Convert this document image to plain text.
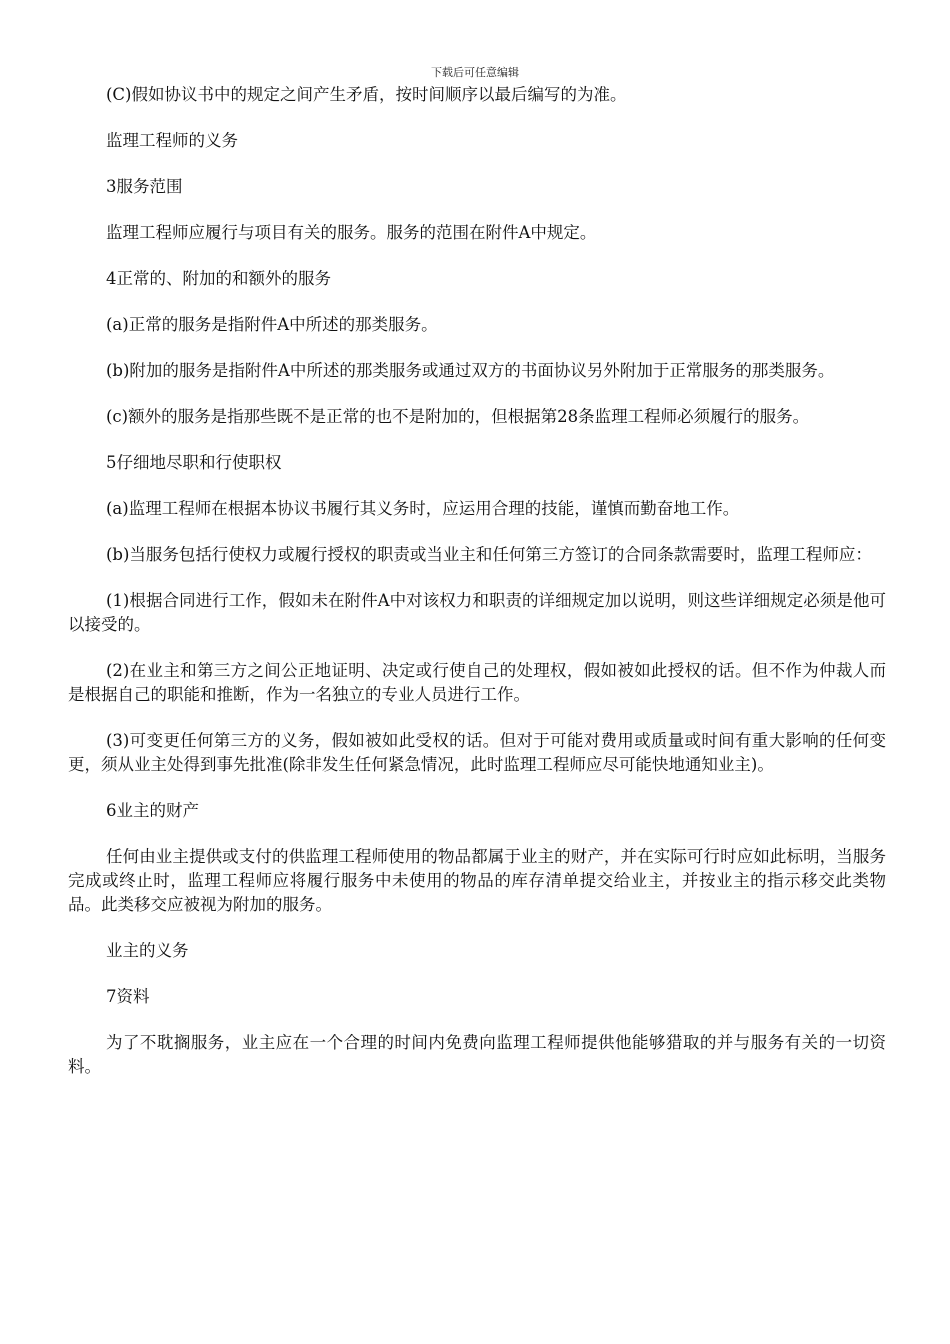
下载后可任意编辑

(C)假如协议书中的规定之间产生矛盾，按时间顺序以最后编写的为准。

监理工程师的义务

3服务范围

监理工程师应履行与项目有关的服务。服务的范围在附件A中规定。

4正常的、附加的和额外的服务

(a)正常的服务是指附件A中所述的那类服务。

(b)附加的服务是指附件A中所述的那类服务或通过双方的书面协议另外附加于正常服务的那类服务。

(c)额外的服务是指那些既不是正常的也不是附加的，但根据第28条监理工程师必须履行的服务。

5仔细地尽职和行使职权

(a)监理工程师在根据本协议书履行其义务时，应运用合理的技能，谨慎而勤奋地工作。

(b)当服务包括行使权力或履行授权的职责或当业主和任何第三方签订的合同条款需要时，监理工程师应：

(1)根据合同进行工作，假如未在附件A中对该权力和职责的详细规定加以说明，则这些详细规定必须是他可以接受的。

(2)在业主和第三方之间公正地证明、决定或行使自己的处理权，假如被如此授权的话。但不作为仲裁人而是根据自己的职能和推断，作为一名独立的专业人员进行工作。

(3)可变更任何第三方的义务，假如被如此受权的话。但对于可能对费用或质量或时间有重大影响的任何变更，须从业主处得到事先批准(除非发生任何紧急情况，此时监理工程师应尽可能快地通知业主)。

6业主的财产

任何由业主提供或支付的供监理工程师使用的物品都属于业主的财产，并在实际可行时应如此标明，当服务完成或终止时，监理工程师应将履行服务中未使用的物品的库存清单提交给业主，并按业主的指示移交此类物品。此类移交应被视为附加的服务。

业主的义务

7资料

为了不耽搁服务，业主应在一个合理的时间内免费向监理工程师提供他能够猎取的并与服务有关的一切资料。
